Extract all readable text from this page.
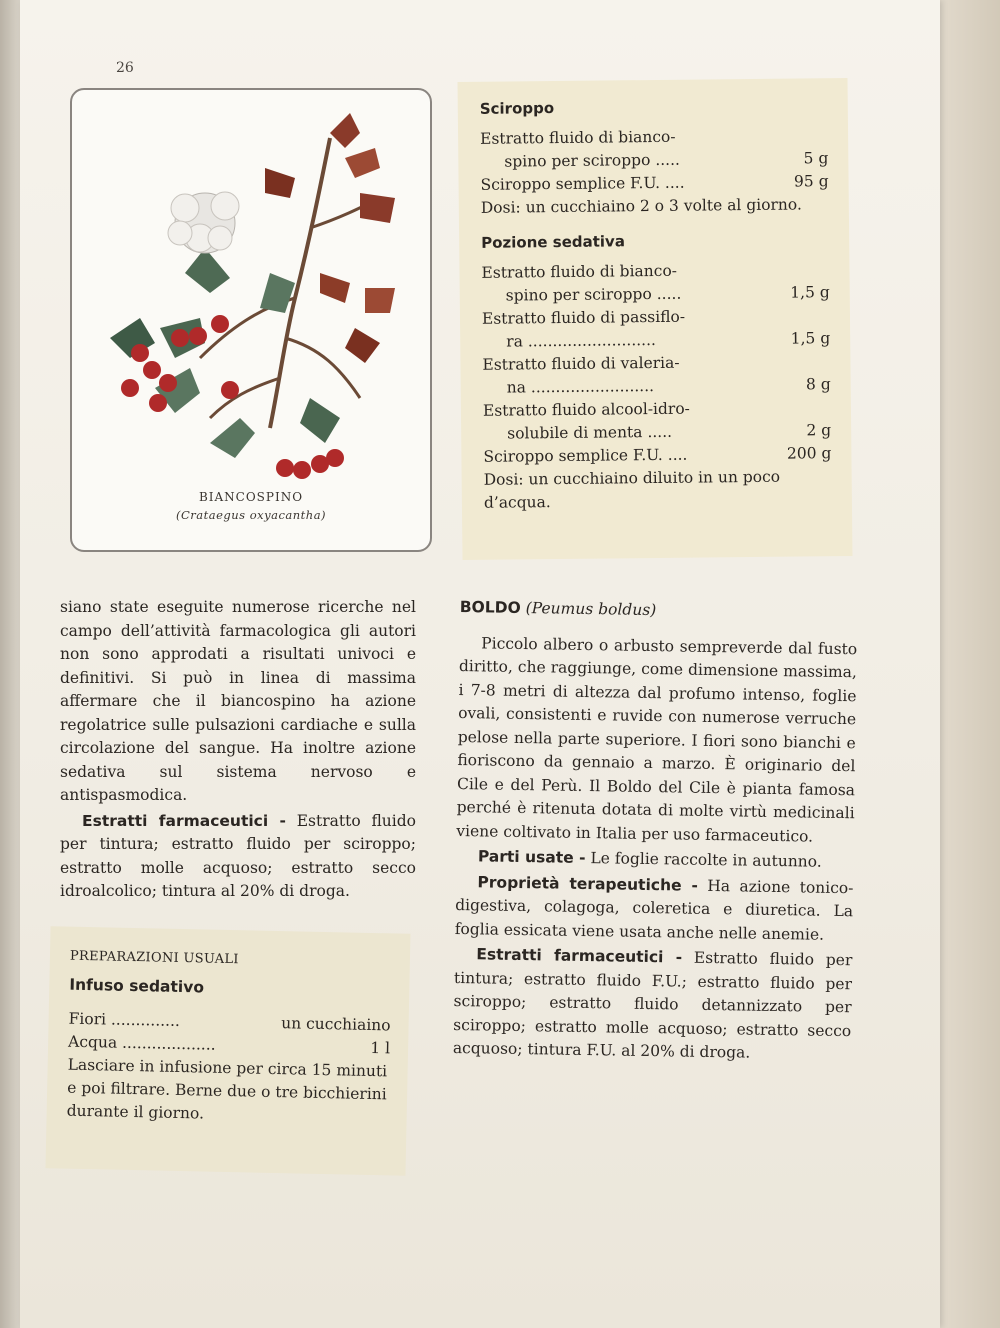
26
BIANCOSPINO
(Crataegus oxyacantha)
Sciroppo
Estratto fluido di bianco-
spino per sciroppo .....	5 g
Sciroppo semplice F.U. ....	95 g
Dosi: un cucchiaino 2 o 3 volte al giorno.
Pozione sedativa
Estratto fluido di bianco-
spino per sciroppo .....	1,5 g
Estratto fluido di passiflo-
ra ..........................	1,5 g
Estratto fluido di valeria-
na .........................	8 g
Estratto fluido alcool-idro-
solubile di menta .....	2 g
Sciroppo semplice F.U. ....	200 g
Dosi: un cucchiaino diluito in un poco d’acqua.

siano state eseguite numerose ricerche nel campo dell’attività farmacologica gli autori non sono approdati a risultati univoci e definitivi. Si può in linea di massima affermare che il biancospino ha azione regolatrice sulle pulsazioni cardiache e sulla circolazione del sangue. Ha inoltre azione sedativa sul sistema nervoso e antispasmodica.

Estratti farmaceutici - Estratto fluido per tintura; estratto fluido per sciroppo; estratto molle acquoso; estratto secco idroalcolico; tintura al 20% di droga.

PREPARAZIONI USUALI
Infuso sedativo
Fiori ..............	un cucchiaino
Acqua ...................	1 l
Lasciare in infusione per circa 15 minuti e poi filtrare. Berne due o tre bicchierini durante il giorno.
BOLDO (Peumus boldus)

Piccolo albero o arbusto sempreverde dal fusto diritto, che raggiunge, come dimensione massima, i 7-8 metri di altezza dal profumo intenso, foglie ovali, consistenti e ruvide con numerose verruche pelose nella parte superiore. I fiori sono bianchi e fioriscono da gennaio a marzo. È originario del Cile e del Perù. Il Boldo del Cile è pianta famosa perché è ritenuta dotata di molte virtù medicinali viene coltivato in Italia per uso farmaceutico.

Parti usate - Le foglie raccolte in autunno.

Proprietà terapeutiche - Ha azione tonico-digestiva, colagoga, coleretica e diuretica. La foglia essicata viene usata anche nelle anemie.

Estratti farmaceutici - Estratto fluido per tintura; estratto fluido F.U.; estratto fluido per sciroppo; estratto fluido detannizzato per sciroppo; estratto molle acquoso; estratto secco acquoso; tintura F.U. al 20% di droga.
